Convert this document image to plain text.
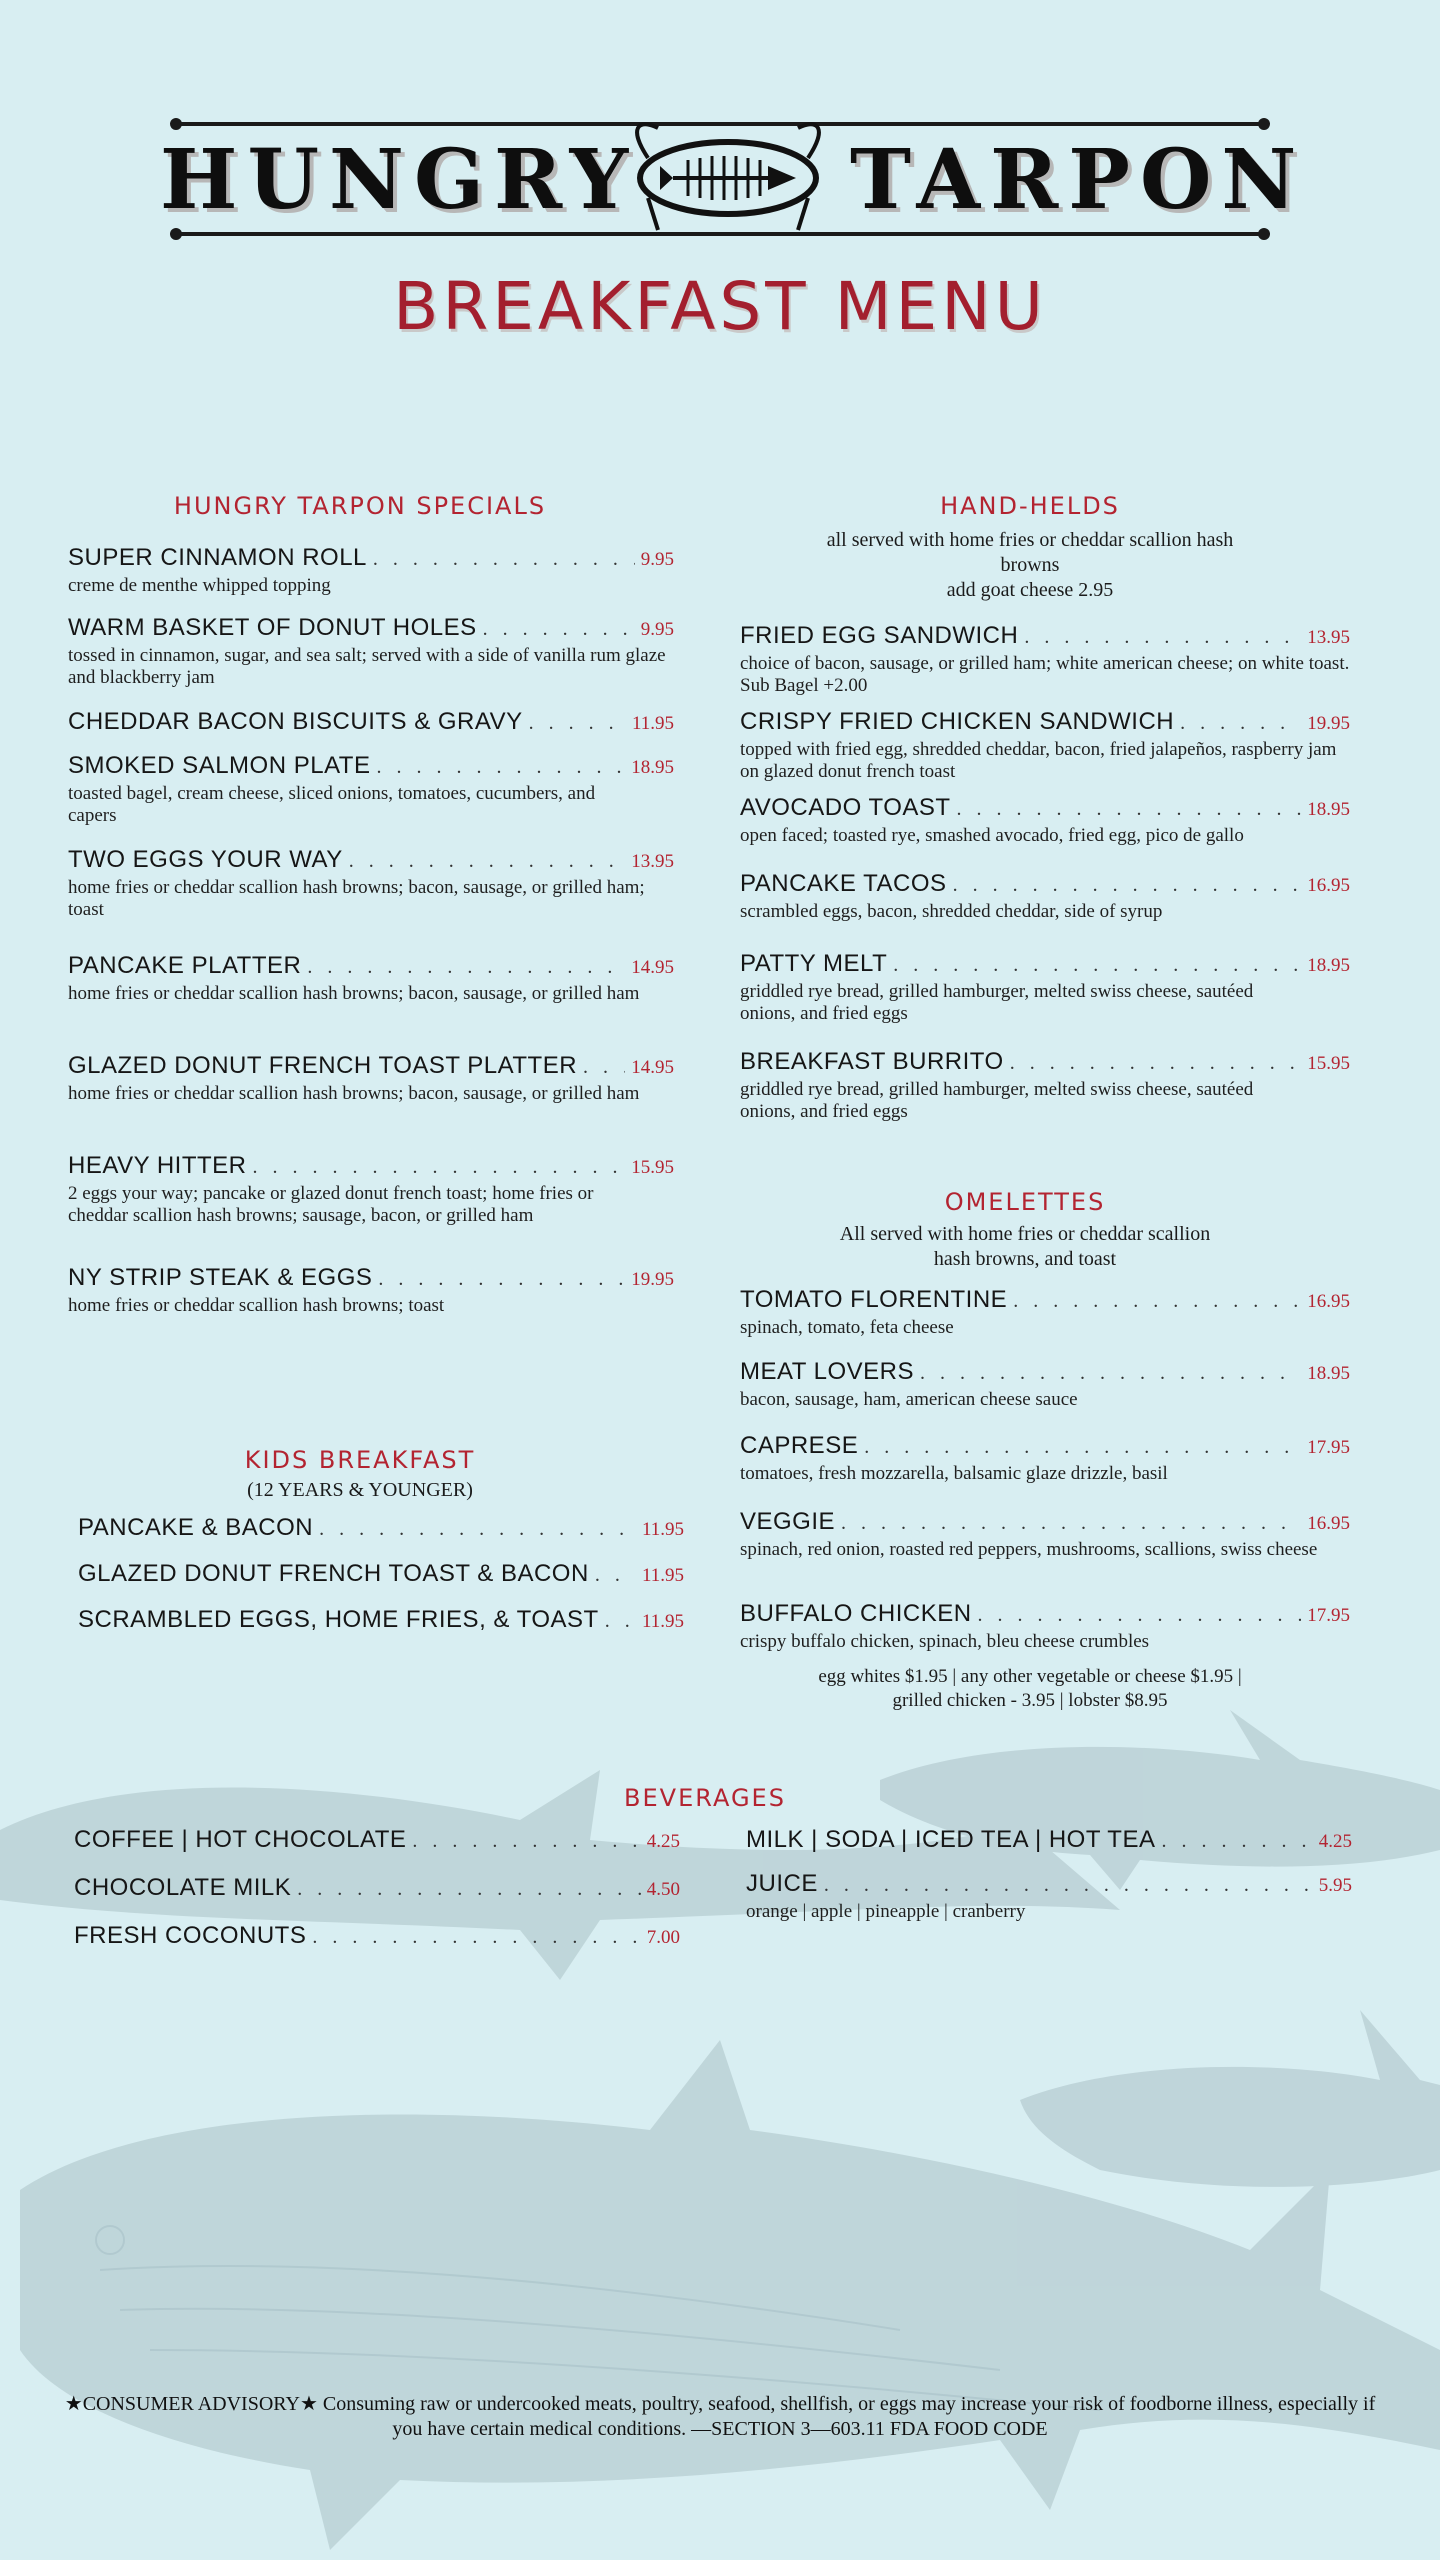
HUNGRY	TARPON
BREAKFAST MENU
HUNGRY TARPON SPECIALS
SUPER CINNAMON ROLL . . .	9.95
creme de menthe whipped topping
WARM BASKET OF DONUT HOLES . . .	9.95
tossed in cinnamon, sugar, and sea salt; served with a side of vanilla rum glaze and blackberry jam
CHEDDAR BACON BISCUITS & GRAVY . . .	11.95
SMOKED SALMON PLATE . . .	18.95
toasted bagel, cream cheese, sliced onions, tomatoes, cucumbers, and capers
TWO EGGS YOUR WAY . . .	13.95
home fries or cheddar scallion hash browns; bacon, sausage, or grilled ham; toast
PANCAKE PLATTER . . .	14.95
home fries or cheddar scallion hash browns; bacon, sausage, or grilled ham
GLAZED DONUT FRENCH TOAST PLATTER . . .	14.95
home fries or cheddar scallion hash browns; bacon, sausage, or grilled ham
HEAVY HITTER . . .	15.95
2 eggs your way; pancake or glazed donut french toast; home fries or cheddar scallion hash browns; sausage, bacon, or grilled ham
NY STRIP STEAK & EGGS . . .	19.95
home fries or cheddar scallion hash browns; toast
KIDS BREAKFAST
(12 YEARS & YOUNGER)
PANCAKE & BACON . . .	11.95
GLAZED DONUT FRENCH TOAST & BACON . . .	11.95
SCRAMBLED EGGS, HOME FRIES, & TOAST . . . 11.95
HAND-HELDS
all served with home fries or cheddar scallion hash browns
add goat cheese 2.95
FRIED EGG SANDWICH . . .	13.95
choice of bacon, sausage, or grilled ham; white american cheese; on white toast. Sub Bagel +2.00
CRISPY FRIED CHICKEN SANDWICH . . .	19.95
topped with fried egg, shredded cheddar, bacon, fried jalapeños, raspberry jam on glazed donut french toast
AVOCADO TOAST . . .	18.95
open faced; toasted rye, smashed avocado, fried egg, pico de gallo
PANCAKE TACOS . . .	16.95
scrambled eggs, bacon, shredded cheddar, side of syrup
PATTY MELT . . .	18.95
griddled rye bread, grilled hamburger, melted swiss cheese, sautéed onions, and fried eggs
BREAKFAST BURRITO . . .	15.95
griddled rye bread, grilled hamburger, melted swiss cheese, sautéed onions, and fried eggs
OMELETTES
All served with home fries or cheddar scallion hash browns, and toast
TOMATO FLORENTINE . . .	16.95
spinach, tomato, feta cheese
MEAT LOVERS . . .	18.95
bacon, sausage, ham, american cheese sauce
CAPRESE . . .	17.95
tomatoes, fresh mozzarella, balsamic glaze drizzle, basil
VEGGIE . . .	16.95
spinach, red onion, roasted red peppers, mushrooms, scallions, swiss cheese
BUFFALO CHICKEN . . .	17.95
crispy buffalo chicken, spinach, bleu cheese crumbles
egg whites $1.95 | any other vegetable or cheese $1.95 | grilled chicken - 3.95 | lobster $8.95
BEVERAGES
COFFEE | HOT CHOCOLATE . . .	4.25
CHOCOLATE MILK . . .	4.50
FRESH COCONUTS . . .	7.00
MILK | SODA | ICED TEA | HOT TEA . . .	4.25
JUICE . . .	5.95
orange | apple | pineapple | cranberry
★CONSUMER ADVISORY★ Consuming raw or undercooked meats, poultry, seafood, shellfish, or eggs may increase your risk of foodborne illness, especially if you have certain medical conditions. —SECTION 3—603.11 FDA FOOD CODE
